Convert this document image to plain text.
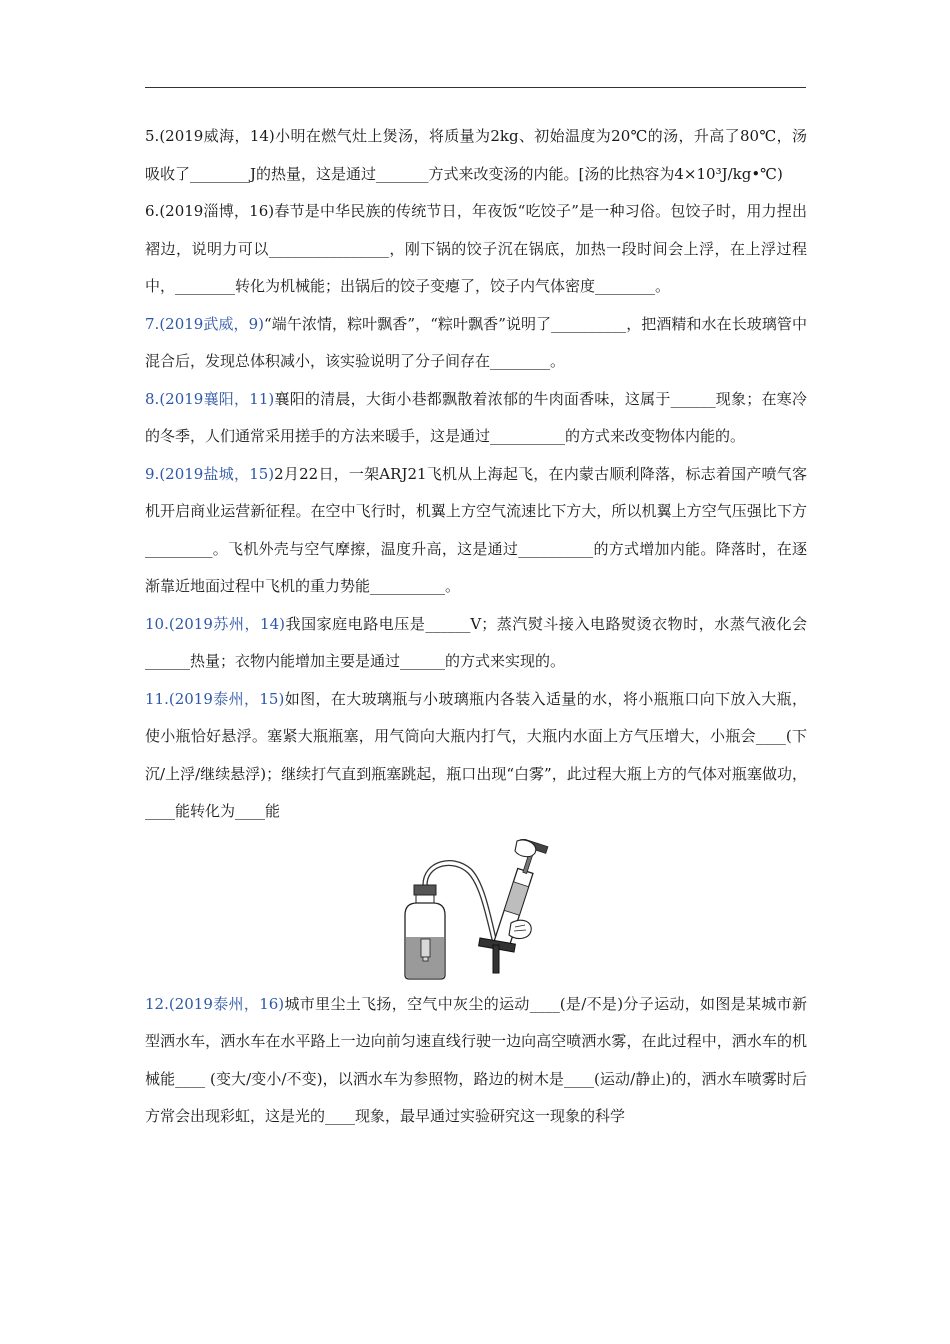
5.(2019威海，14)小明在燃气灶上煲汤，将质量为2kg、初始温度为20℃的汤，升高了80℃，汤吸收了________J的热量，这是通过_______方式来改变汤的内能。[汤的比热容为4×10³J/kg•℃)

6.(2019淄博，16)春节是中华民族的传统节日，年夜饭“吃饺子”是一种习俗。包饺子时，用力捏出褶边，说明力可以________________，刚下锅的饺子沉在锅底，加热一段时间会上浮，在上浮过程中，________转化为机械能；出锅后的饺子变瘪了，饺子内气体密度________。

7.(2019武威，9)“端午浓情，粽叶飘香”，“粽叶飘香”说明了__________，把酒精和水在长玻璃管中混合后，发现总体积减小，该实验说明了分子间存在________。

8.(2019襄阳，11)襄阳的清晨，大街小巷都飘散着浓郁的牛肉面香味，这属于______现象；在寒冷的冬季，人们通常采用搓手的方法来暖手，这是通过__________的方式来改变物体内能的。

9.(2019盐城，15)2月22日，一架ARJ21飞机从上海起飞，在内蒙古顺利降落，标志着国产喷气客机开启商业运营新征程。在空中飞行时，机翼上方空气流速比下方大，所以机翼上方空气压强比下方_________。飞机外壳与空气摩擦，温度升高，这是通过__________的方式增加内能。降落时，在逐渐靠近地面过程中飞机的重力势能__________。

10.(2019苏州，14)我国家庭电路电压是______V；蒸汽熨斗接入电路熨烫衣物时，水蒸气液化会______热量；衣物内能增加主要是通过______的方式来实现的。

11.(2019泰州，15)如图，在大玻璃瓶与小玻璃瓶内各装入适量的水，将小瓶瓶口向下放入大瓶，使小瓶恰好悬浮。塞紧大瓶瓶塞，用气筒向大瓶内打气，大瓶内水面上方气压增大，小瓶会____(下沉/上浮/继续悬浮)；继续打气直到瓶塞跳起，瓶口出现“白雾”，此过程大瓶上方的气体对瓶塞做功，____能转化为____能

12.(2019泰州，16)城市里尘土飞扬，空气中灰尘的运动____(是/不是)分子运动，如图是某城市新型洒水车，洒水车在水平路上一边向前匀速直线行驶一边向高空喷洒水雾，在此过程中，洒水车的机械能____ (变大/变小/不变)，以洒水车为参照物，路边的树木是____(运动/静止)的，洒水车喷雾时后方常会出现彩虹，这是光的____现象，最早通过实验研究这一现象的科学
